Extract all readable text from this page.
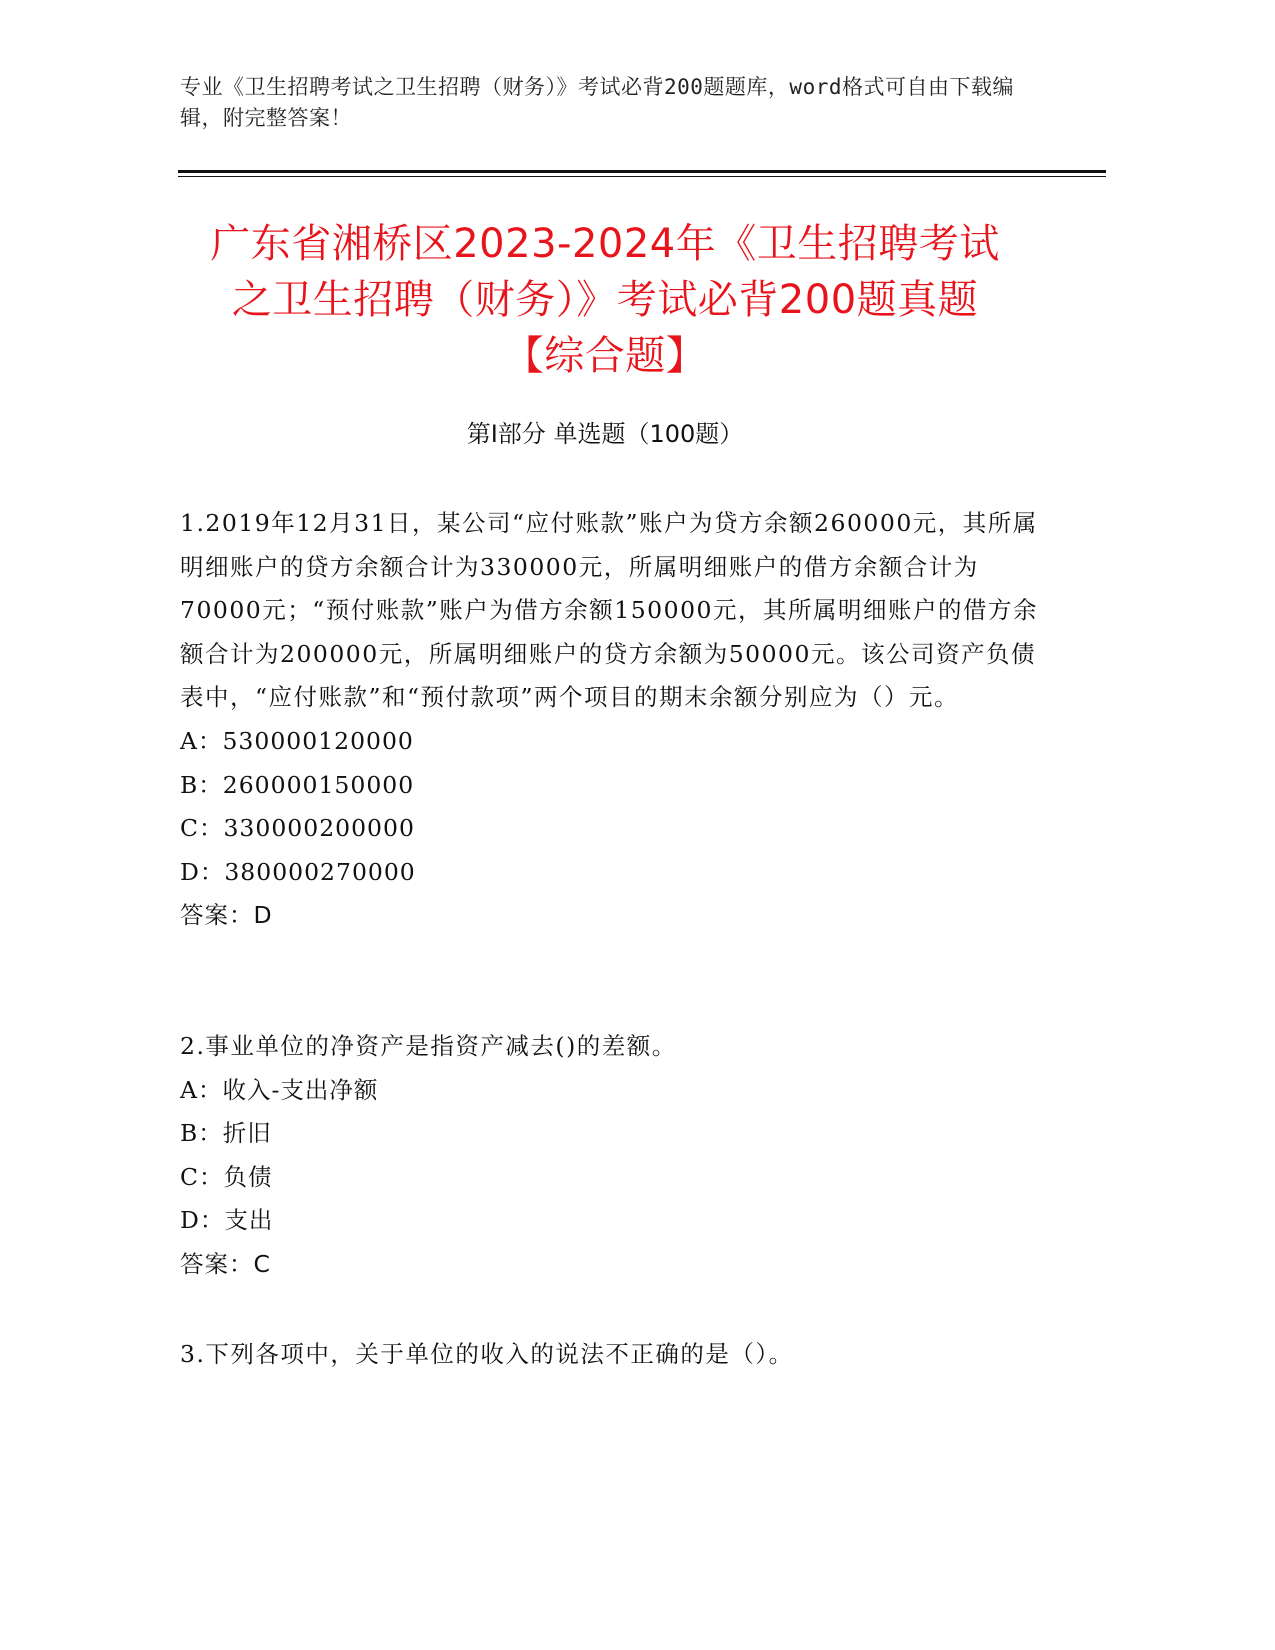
专业《卫生招聘考试之卫生招聘（财务）》考试必背200题题库，word格式可自由下载编辑，附完整答案！
广东省湘桥区2023-2024年《卫生招聘考试
之卫生招聘（财务）》考试必背200题真题
【综合题】
第Ⅰ部分 单选题（100题）
1.2019年12月31日，某公司“应付账款”账户为贷方余额260000元，其所属明细账户的贷方余额合计为330000元，所属明细账户的借方余额合计为70000元；“预付账款”账户为借方余额150000元，其所属明细账户的借方余额合计为200000元，所属明细账户的贷方余额为50000元。该公司资产负债表中，“应付账款”和“预付款项”两个项目的期末余额分别应为（）元。
A：530000120000
B：260000150000
C：330000200000
D：380000270000
答案：D
2.事业单位的净资产是指资产减去()的差额。
A：收入-支出净额
B：折旧
C：负债
D：支出
答案：C
3.下列各项中，关于单位的收入的说法不正确的是（）。
